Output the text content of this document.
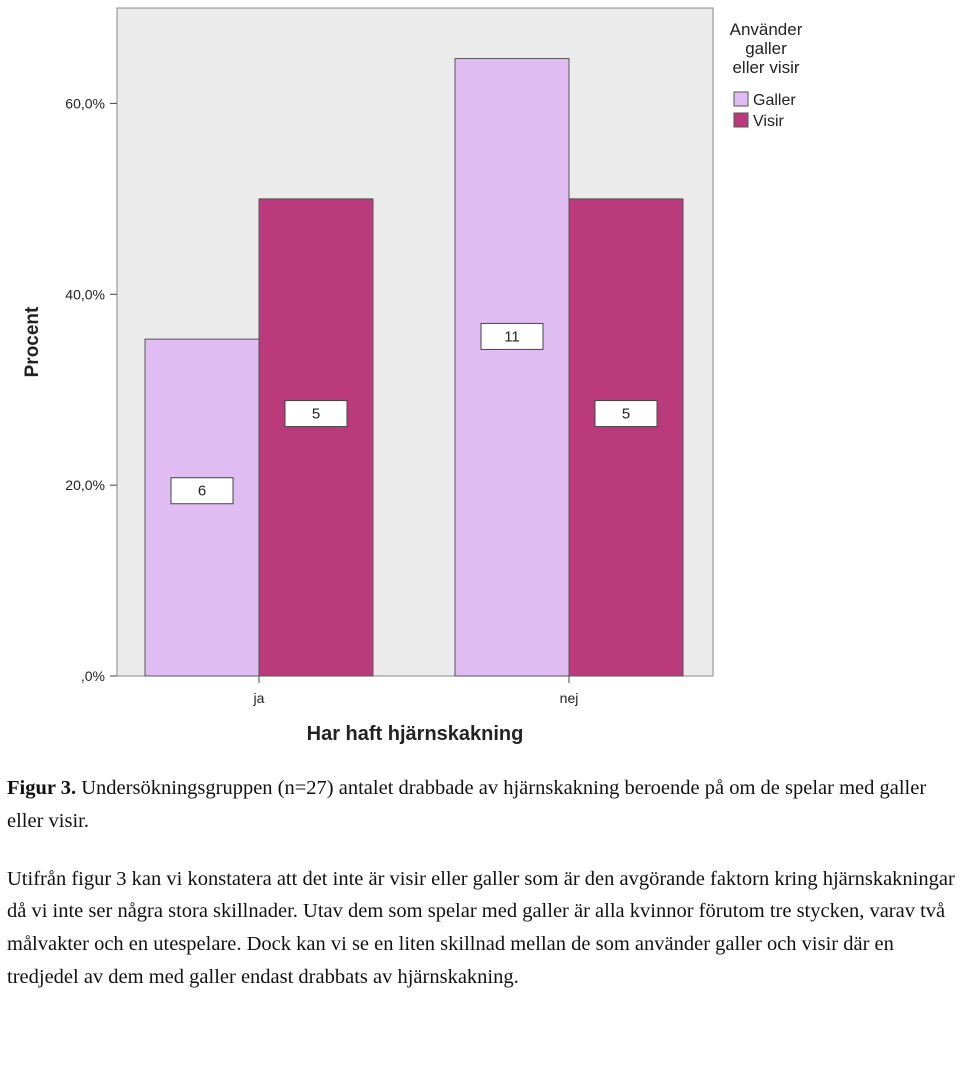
6
5
11
5
,0%
20,0%
40,0%
60,0%
ja	nej
Procent
Har haft hjärnskakning
Använder
galler
eller visir
Galler
Visir

Figur 3. Undersökningsgruppen (n=27) antalet drabbade av hjärnskakning beroende på om de spelar med galler eller visir.

Utifrån figur 3 kan vi konstatera att det inte är visir eller galler som är den avgörande faktorn kring hjärnskakningar då vi inte ser några stora skillnader. Utav dem som spelar med galler är alla kvinnor förutom tre stycken, varav två målvakter och en utespelare. Dock kan vi se en liten skillnad mellan de som använder galler och visir där en tredjedel av dem med galler endast drabbats av hjärnskakning.
